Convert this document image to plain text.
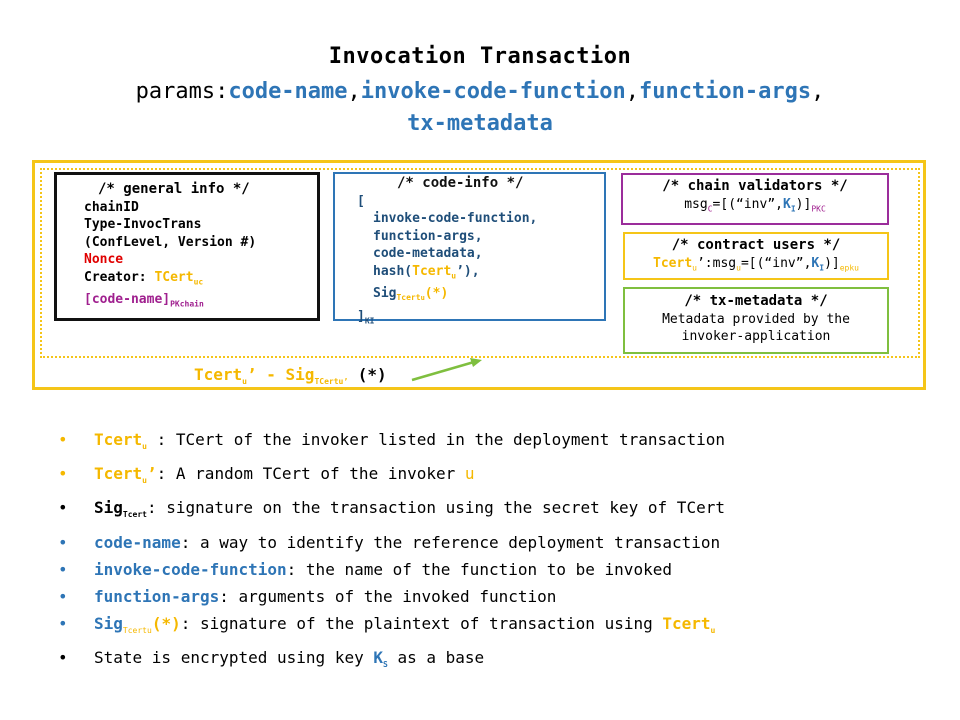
Invocation Transaction
params:code-name,invoke-code-function,function-args,
tx-metadata
/* general info */
chainID
Type-InvocTrans
(ConfLevel, Version #)
Nonce
Creator: TCert$_{uc}$
$[code-name]_{PKchain}$
/* code-info */
[
invoke-code-function,
function-args,
code-metadata,
hash(Tcert$_u$’),
Sig$_{Tcertu}$(*)
]$_{KI}$
/* chain validators */
$msg_C=[(“inv”,K_I)]_{PKC}$
/* contract users */
$Tcert_u’:msg_u=[(“inv”,K_I)]_{epku}$
/* tx-metadata */
Metadata provided by the
invoker-application
Tcert$_u$’ - Sig$_{TCertu’}$ (*)
• Tcert$_u$ : TCert of the invoker listed in the deployment transaction
• Tcert$_u$’: A random TCert of the invoker u
• Sig$_{Tcert}$: signature on the transaction using the secret key of TCert
• code-name: a way to identify the reference deployment transaction
• invoke-code-function: the name of the function to be invoked
• function-args: arguments of the invoked function
• Sig$_{Tcertu}$(*): signature of the plaintext of transaction using Tcert$_u$
• State is encrypted using key $K_S$ as a base
